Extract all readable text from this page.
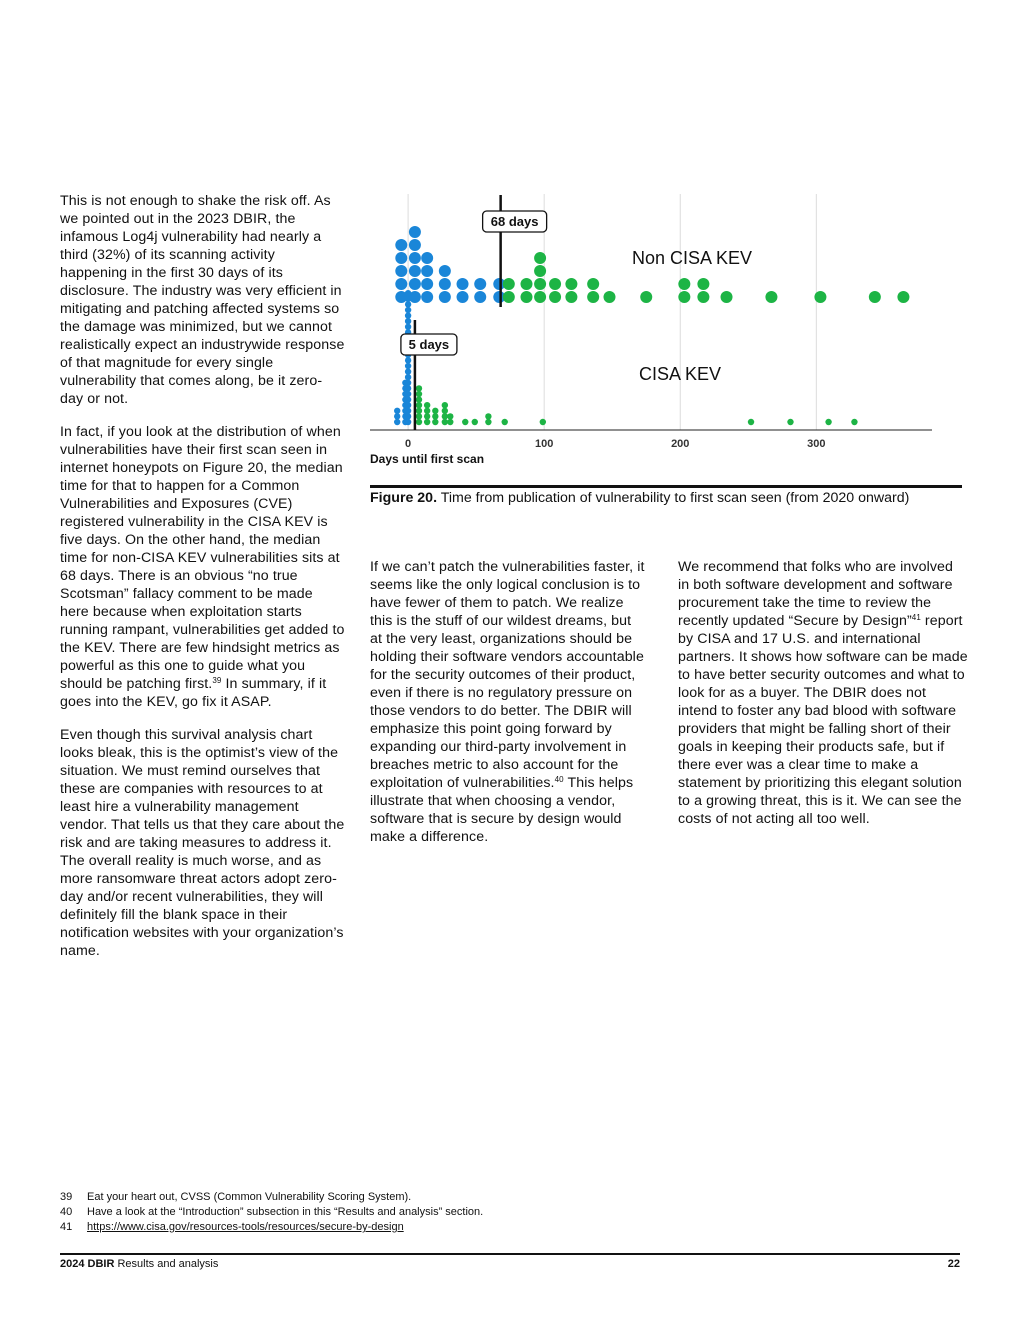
This is not enough to shake the risk off. As we pointed out in the 2023 DBIR, the infamous Log4j vulnerability had nearly a third (32%) of its scanning activity happening in the first 30 days of its disclosure. The industry was very efficient in mitigating and patching affected systems so the damage was minimized, but we cannot realistically expect an industrywide response of that magnitude for every single vulnerability that comes along, be it zero-day or not.

In fact, if you look at the distribution of when vulnerabilities have their first scan seen in internet honeypots on Figure 20, the median time for that to happen for a Common Vulnerabilities and Exposures (CVE) registered vulnerability in the CISA KEV is five days. On the other hand, the median time for non-CISA KEV vulnerabilities sits at 68 days. There is an obvious “no true Scotsman” fallacy comment to be made here because when exploitation starts running rampant, vulnerabilities get added to the KEV. There are few hindsight metrics as powerful as this one to guide what you should be patching first.$^{39}$ In summary, if it goes into the KEV, go fix it ASAP.

Even though this survival analysis chart looks bleak, this is the optimist’s view of the situation. We must remind ourselves that these are companies with resources to at least hire a vulnerability management vendor. That tells us that they care about the risk and are taking measures to address it. The overall reality is much worse, and as more ransomware threat actors adopt zero-day and/or recent vulnerabilities, they will definitely fill the blank space in their notification websites with your organization’s name.

0	100	200	300
Days until first scan
68 days
Non CISA KEV
5 days
CISA KEV
Figure 20. Time from publication of vulnerability to first scan seen (from 2020 onward)

If we can’t patch the vulnerabilities faster, it seems like the only logical conclusion is to have fewer of them to patch. We realize this is the stuff of our wildest dreams, but at the very least, organizations should be holding their software vendors accountable for the security outcomes of their product, even if there is no regulatory pressure on those vendors to do better. The DBIR will emphasize this point going forward by expanding our third-party involvement in breaches metric to also account for the exploitation of vulnerabilities.$^{40}$ This helps illustrate that when choosing a vendor, software that is secure by design would make a difference.

We recommend that folks who are involved in both software development and software procurement take the time to review the recently updated “Secure by Design”$^{41}$ report by CISA and 17 U.S. and international partners. It shows how software can be made to have better security outcomes and what to look for as a buyer. The DBIR does not intend to foster any bad blood with software providers that might be falling short of their goals in keeping their products safe, but if there ever was a clear time to make a statement by prioritizing this elegant solution to a growing threat, this is it. We can see the costs of not acting all too well.

39	Eat your heart out, CVSS (Common Vulnerability Scoring System).
40	Have a look at the “Introduction” subsection in this “Results and analysis” section.
41	https://www.cisa.gov/resources-tools/resources/secure-by-design
2024 DBIR Results and analysis	22
